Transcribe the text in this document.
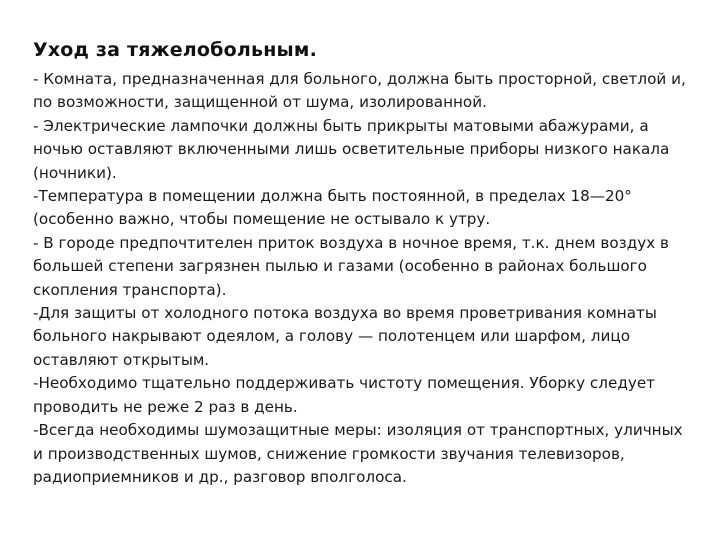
Уход за тяжелобольным.

- Комната, предназначенная для больного, должна быть просторной, светлой и, по возможности, защищенной от шума, изолированной.

- Электрические лампочки должны быть прикрыты матовыми абажурами, а ночью оставляют включенными лишь осветительные приборы низкого накала (ночники).

-Температура в помещении должна быть постоянной, в пределах 18—20° (особенно важно, чтобы помещение не остывало к утру.

- В городе предпочтителен приток воздуха в ночное время, т.к. днем воздух в большей степени загрязнен пылью и газами (особенно в районах большого скопления транспорта).

-Для защиты от холодного потока воздуха во время проветривания комнаты больного накрывают одеялом, а голову — полотенцем или шарфом, лицо оставляют открытым.

-Необходимо тщательно поддерживать чистоту помещения. Уборку следует проводить не реже 2 раз в день.

-Всегда необходимы шумозащитные меры: изоляция от транспортных, уличных и производственных шумов, снижение громкости звучания телевизоров, радиоприемников и др., разговор вполголоса.
